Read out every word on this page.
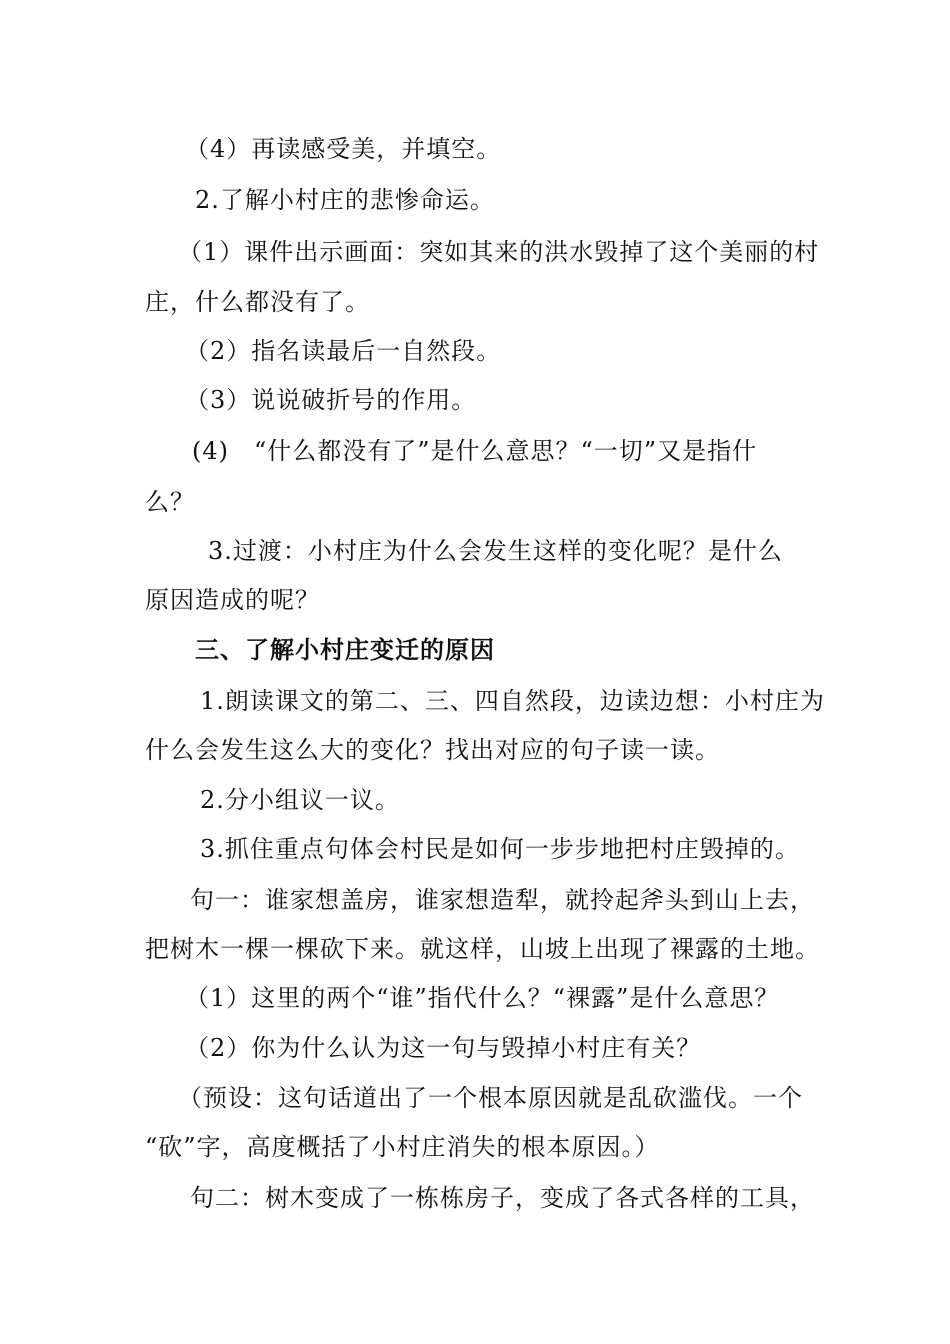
（4）再读感受美，并填空。
2.了解小村庄的悲惨命运。
（1）课件出示画面：突如其来的洪水毁掉了这个美丽的村
庄，什么都没有了。
（2）指名读最后一自然段。
（3）说说破折号的作用。
(4)　“什么都没有了”是什么意思？“一切”又是指什
么？
3.过渡：小村庄为什么会发生这样的变化呢？是什么
原因造成的呢？
三、了解小村庄变迁的原因
1.朗读课文的第二、三、四自然段，边读边想：小村庄为
什么会发生这么大的变化？找出对应的句子读一读。
2.分小组议一议。
3.抓住重点句体会村民是如何一步步地把村庄毁掉的。
句一：谁家想盖房，谁家想造犁，就拎起斧头到山上去，
把树木一棵一棵砍下来。就这样，山坡上出现了裸露的土地。
（1）这里的两个“谁”指代什么？“裸露”是什么意思？
（2）你为什么认为这一句与毁掉小村庄有关？
（预设：这句话道出了一个根本原因就是乱砍滥伐。一个
“砍”字，高度概括了小村庄消失的根本原因。）
句二：树木变成了一栋栋房子，变成了各式各样的工具，
